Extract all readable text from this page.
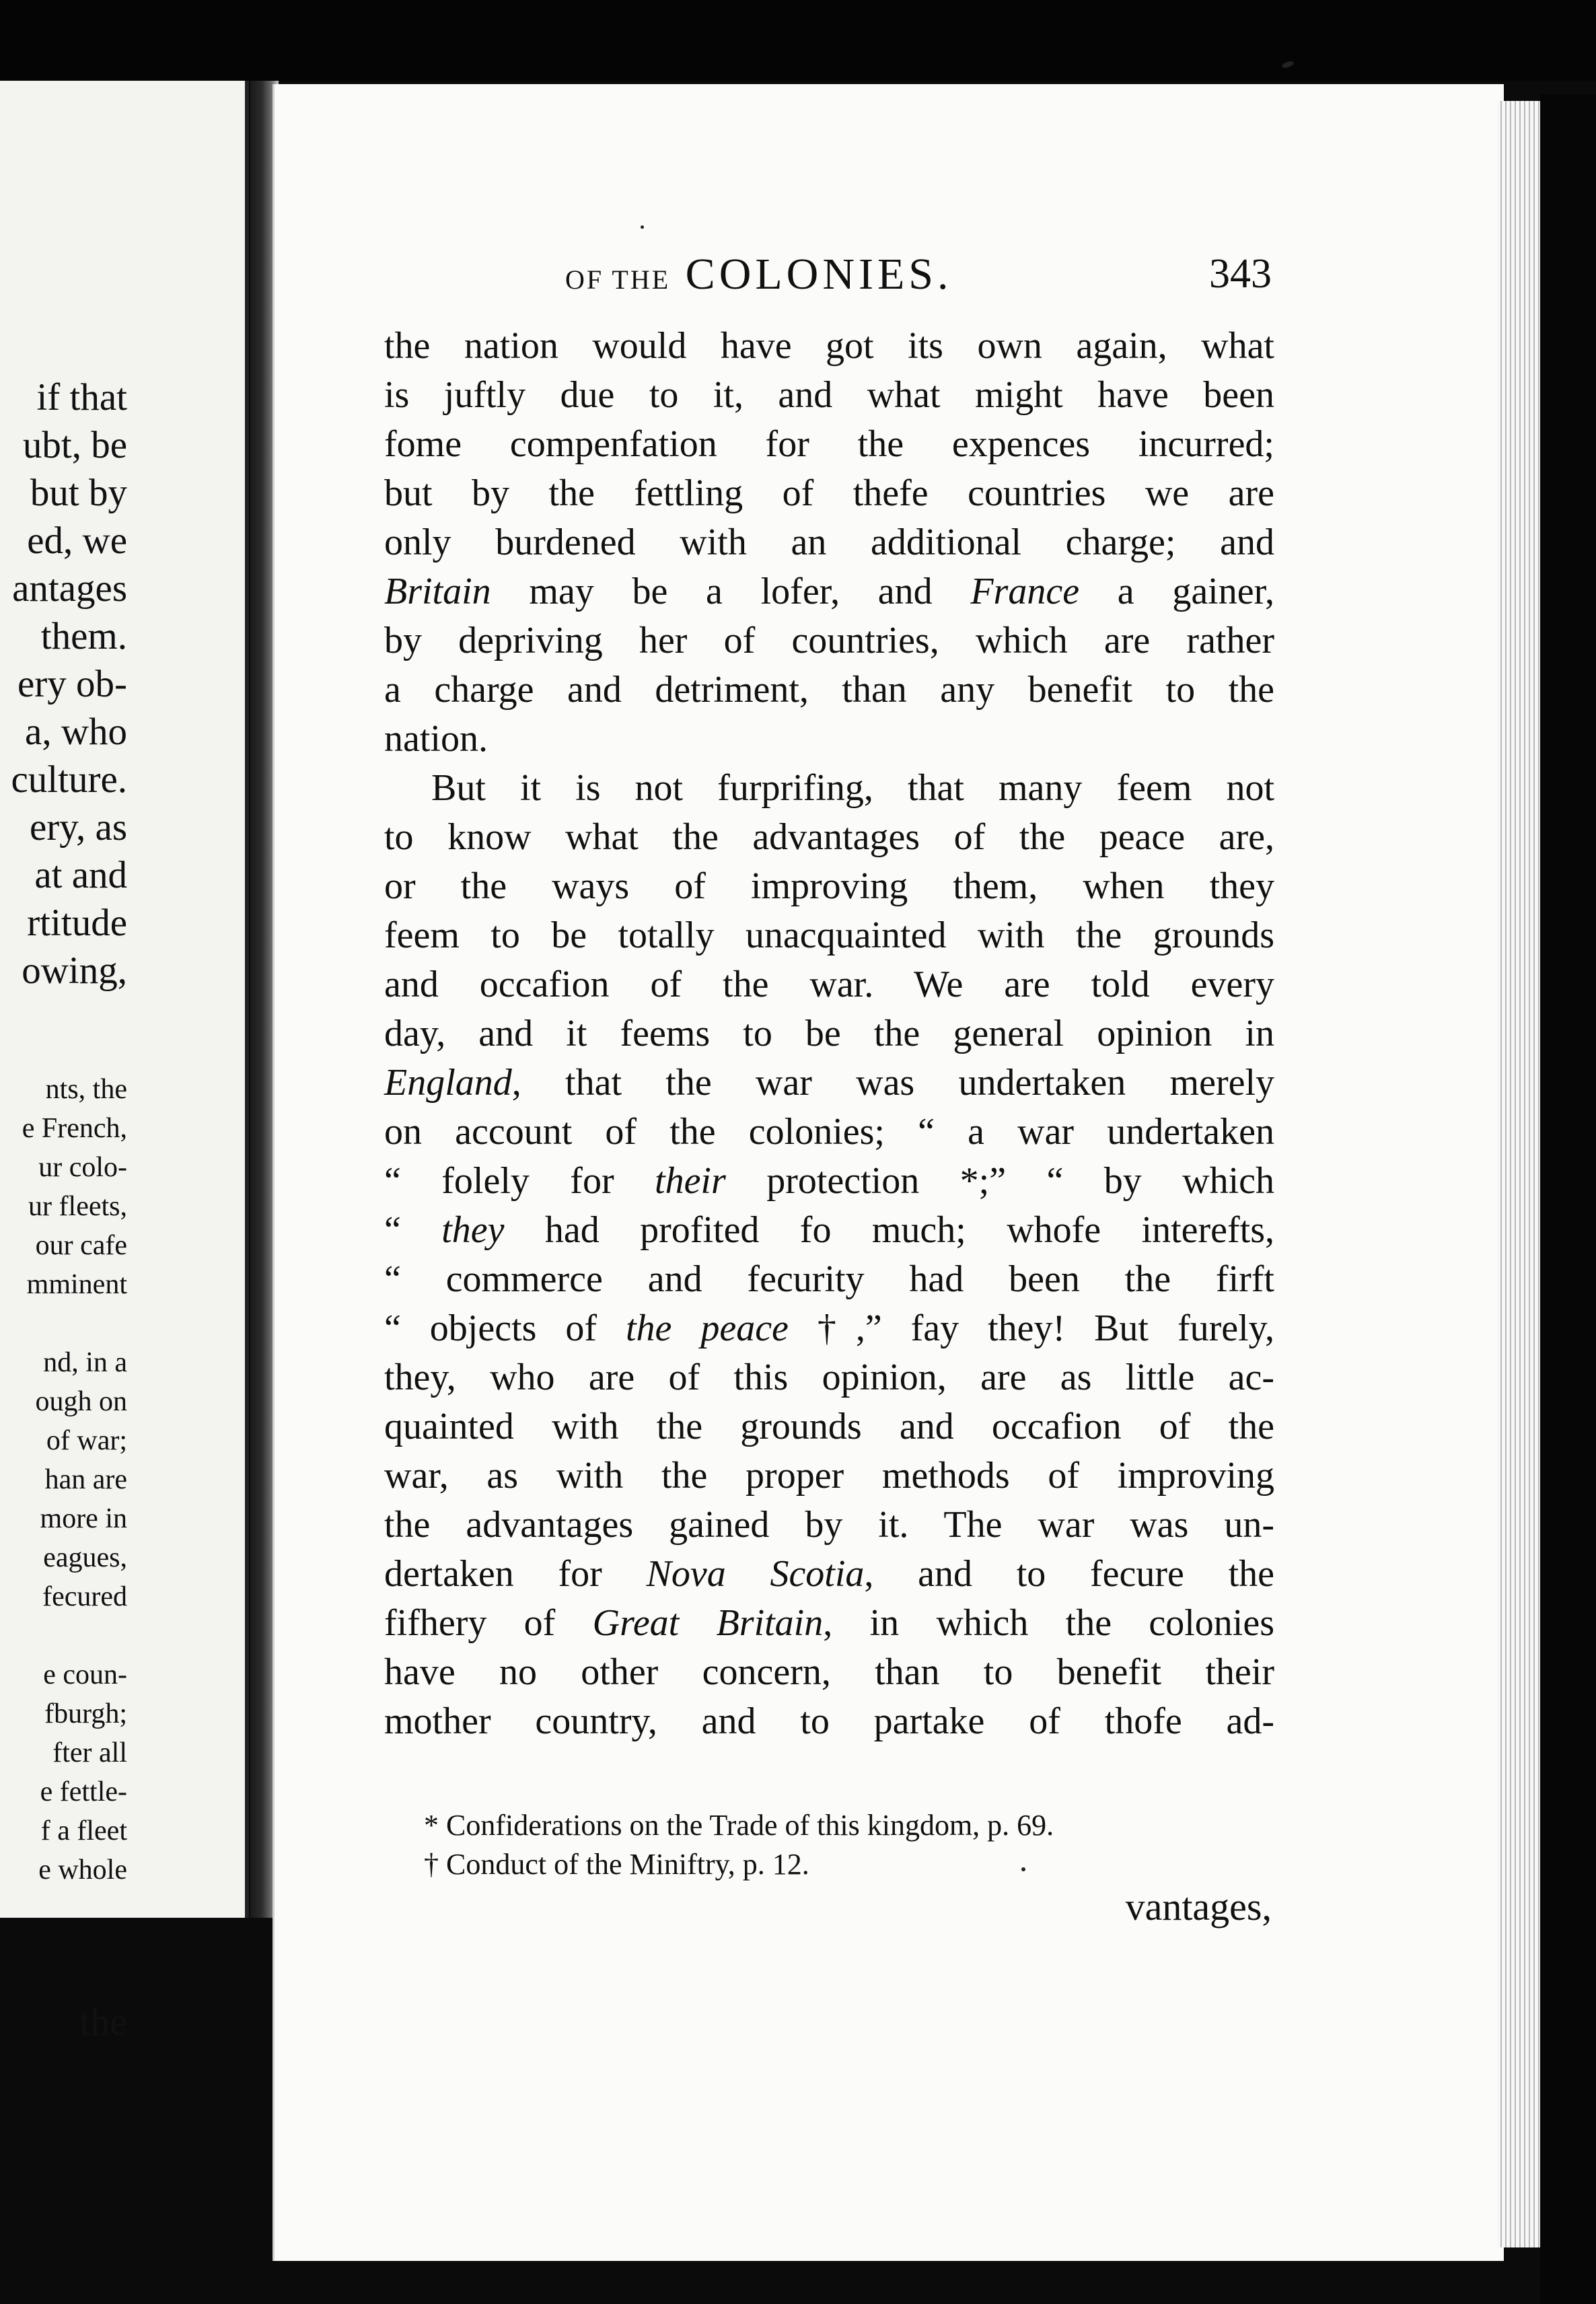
if that
ubt, be
but by
ed, we
antages
them.
ery ob-
a, who
culture.
ery, as
at and
rtitude
owing,
nts, the
e French,
ur colo-
ur fleets,
our cafe
mminent
nd, in a
ough on
of war;
han are
more in
eagues,
fecured
e coun-
fburgh;
fter all
e fettle-
f a fleet
e whole
the
OF THE COLONIES.	343
the nation would have got its own again, what
is juftly due to it, and what might have been
fome compenfation for the expences incurred;
but by the fettling of thefe countries we are
only burdened with an additional charge; and
Britain may be a lofer, and France a gainer,
by depriving her of countries, which are rather
a charge and detriment, than any benefit to the
nation.
But it is not furprifing, that many feem not
to know what the advantages of the peace are,
or the ways of improving them, when they
feem to be totally unacquainted with the grounds
and occafion of the war. We are told every
day, and it feems to be the general opinion in
England, that the war was undertaken merely
on account of the colonies; “ a war undertaken
“ folely for their protection *;” “ by which
“ they had profited fo much; whofe interefts,
“ commerce and fecurity had been the firft
“ objects of the peace †,” fay they! But furely,
they, who are of this opinion, are as little ac-
quainted with the grounds and occafion of the
war, as with the proper methods of improving
the advantages gained by it. The war was un-
dertaken for Nova Scotia, and to fecure the
fifhery of Great Britain, in which the colonies
have no other concern, than to benefit their
mother country, and to partake of thofe ad-
* Confiderations on the Trade of this kingdom, p. 69.
† Conduct of the Miniftry, p. 12.
vantages,
